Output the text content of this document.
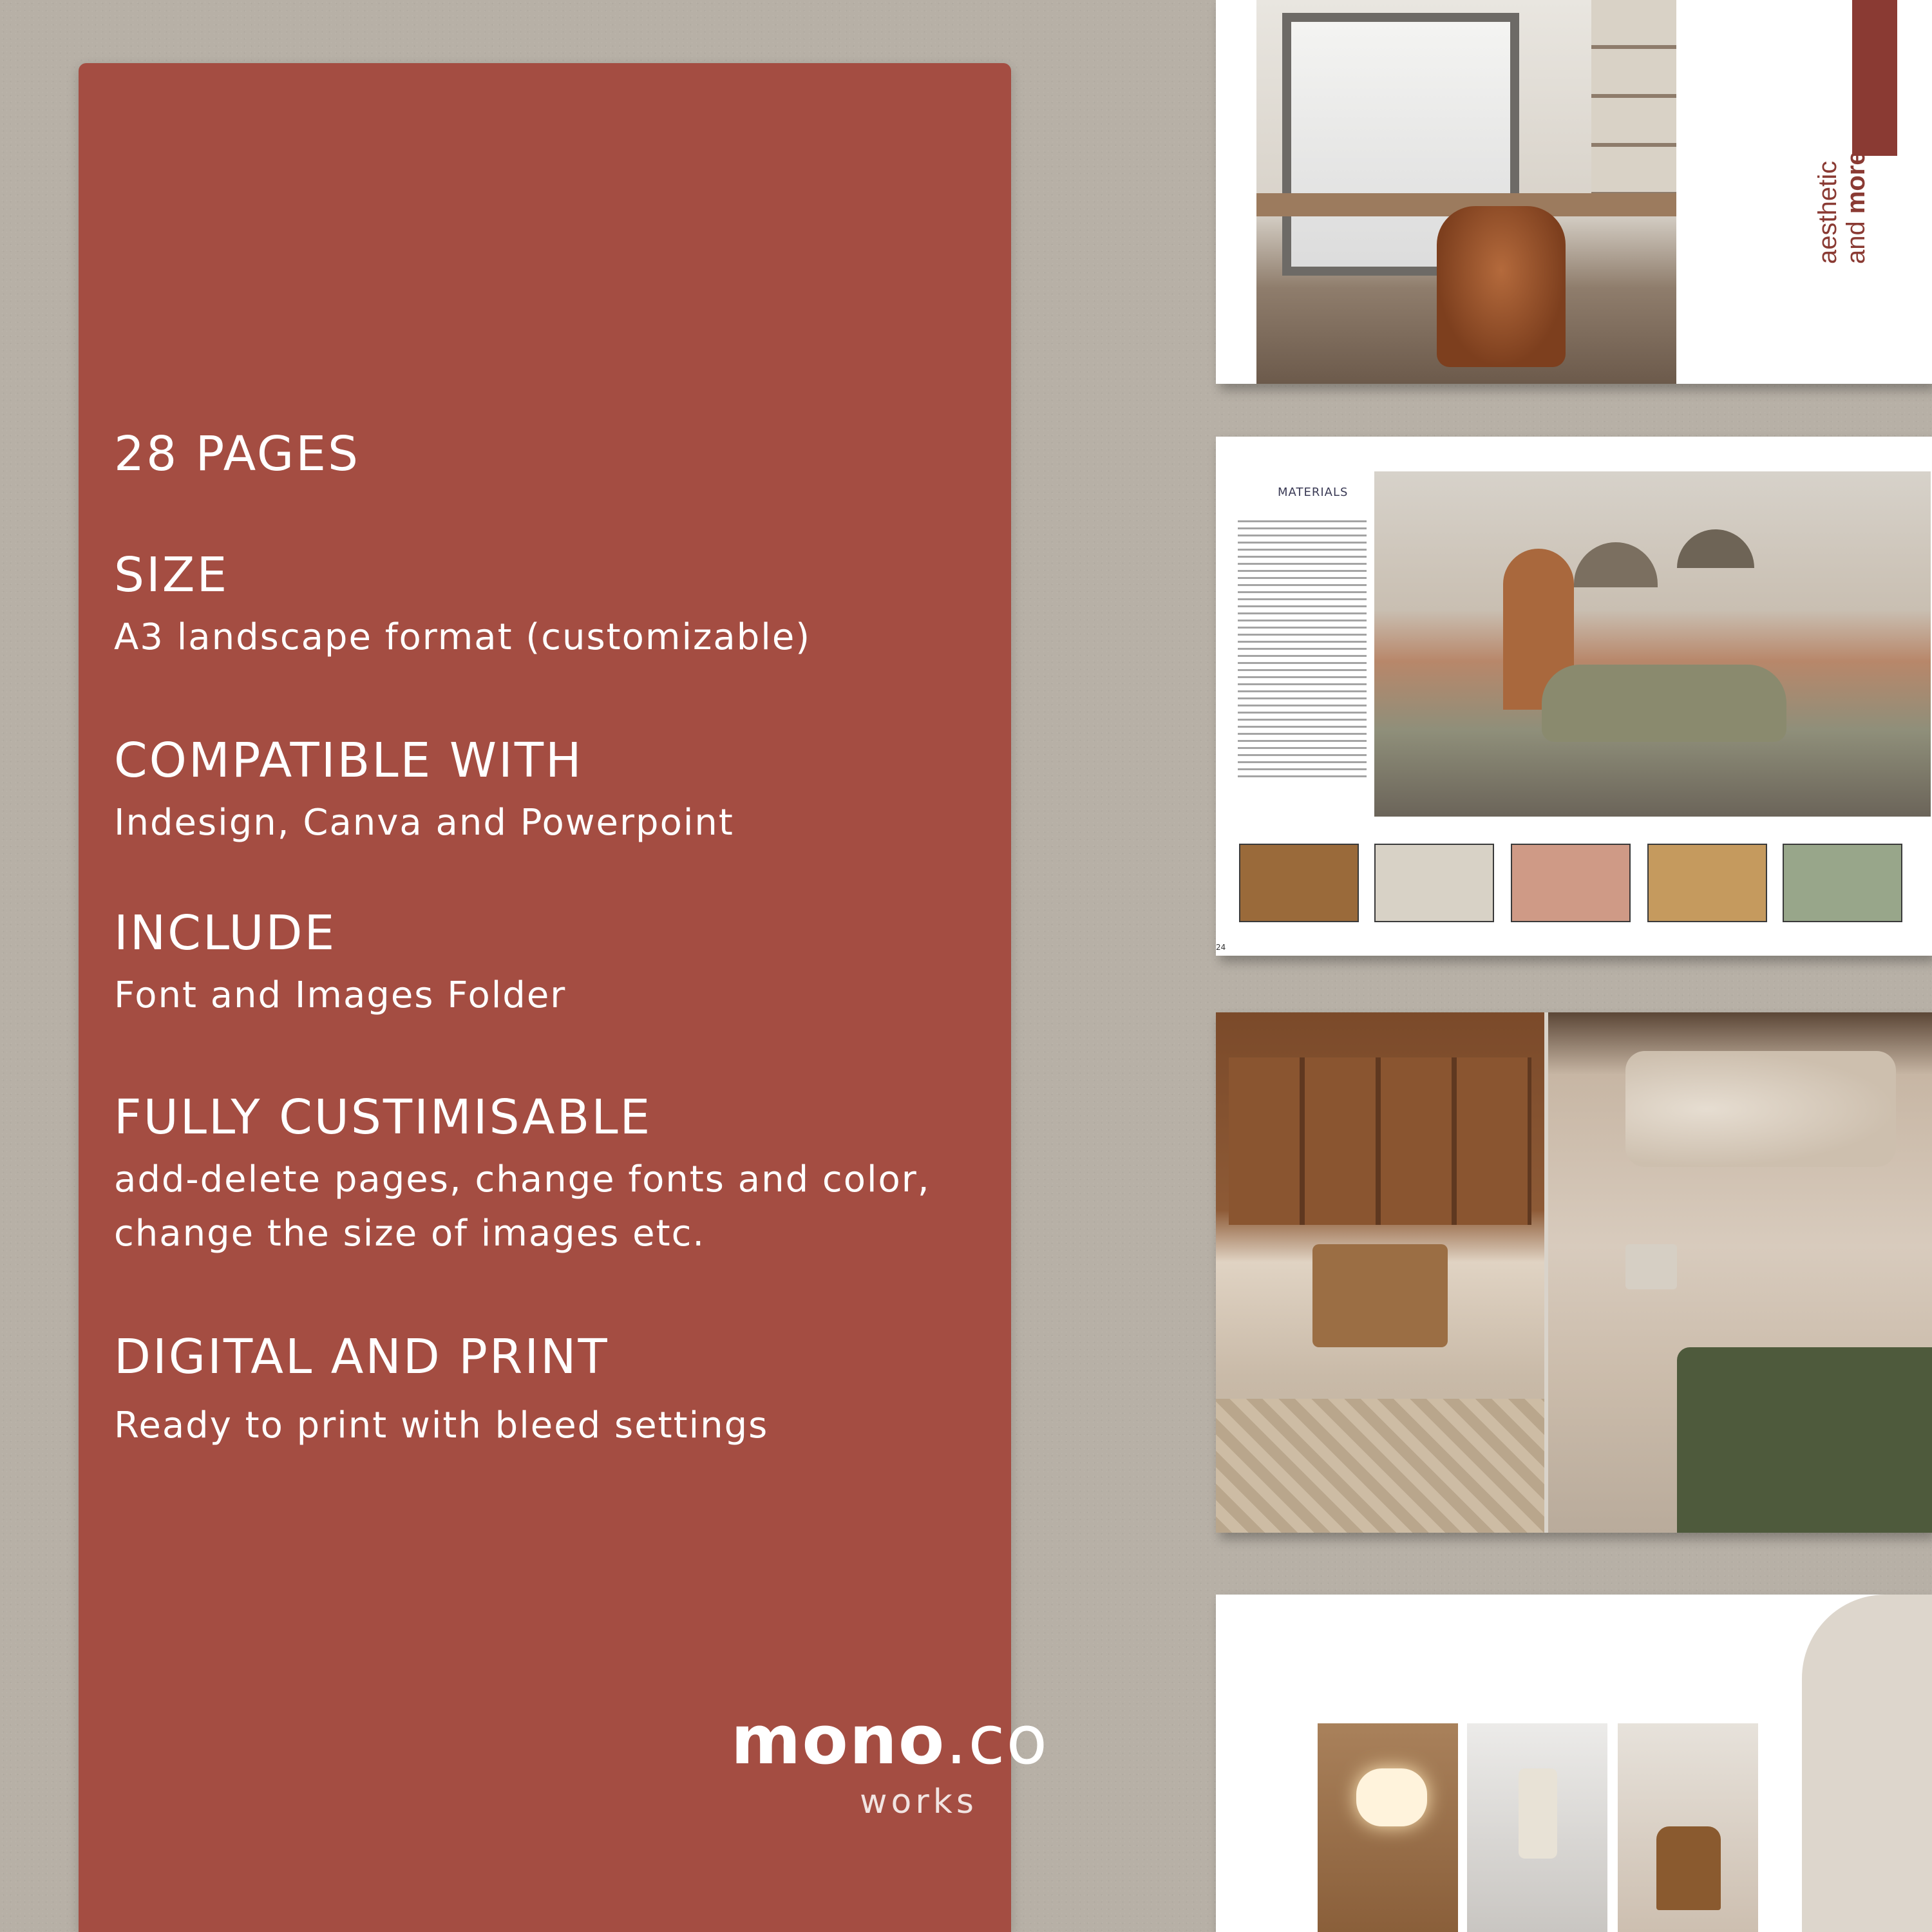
28 PAGES
SIZE
A3 landscape format (customizable)
COMPATIBLE WITH
Indesign, Canva and Powerpoint
INCLUDE
Font and Images Folder
FULLY CUSTIMISABLE
add-delete pages, change fonts and color,
change the size of images etc.
DIGITAL AND PRINT
Ready to print with bleed settings
mono.co
works
aesthetic and more
MATERIALS
24
